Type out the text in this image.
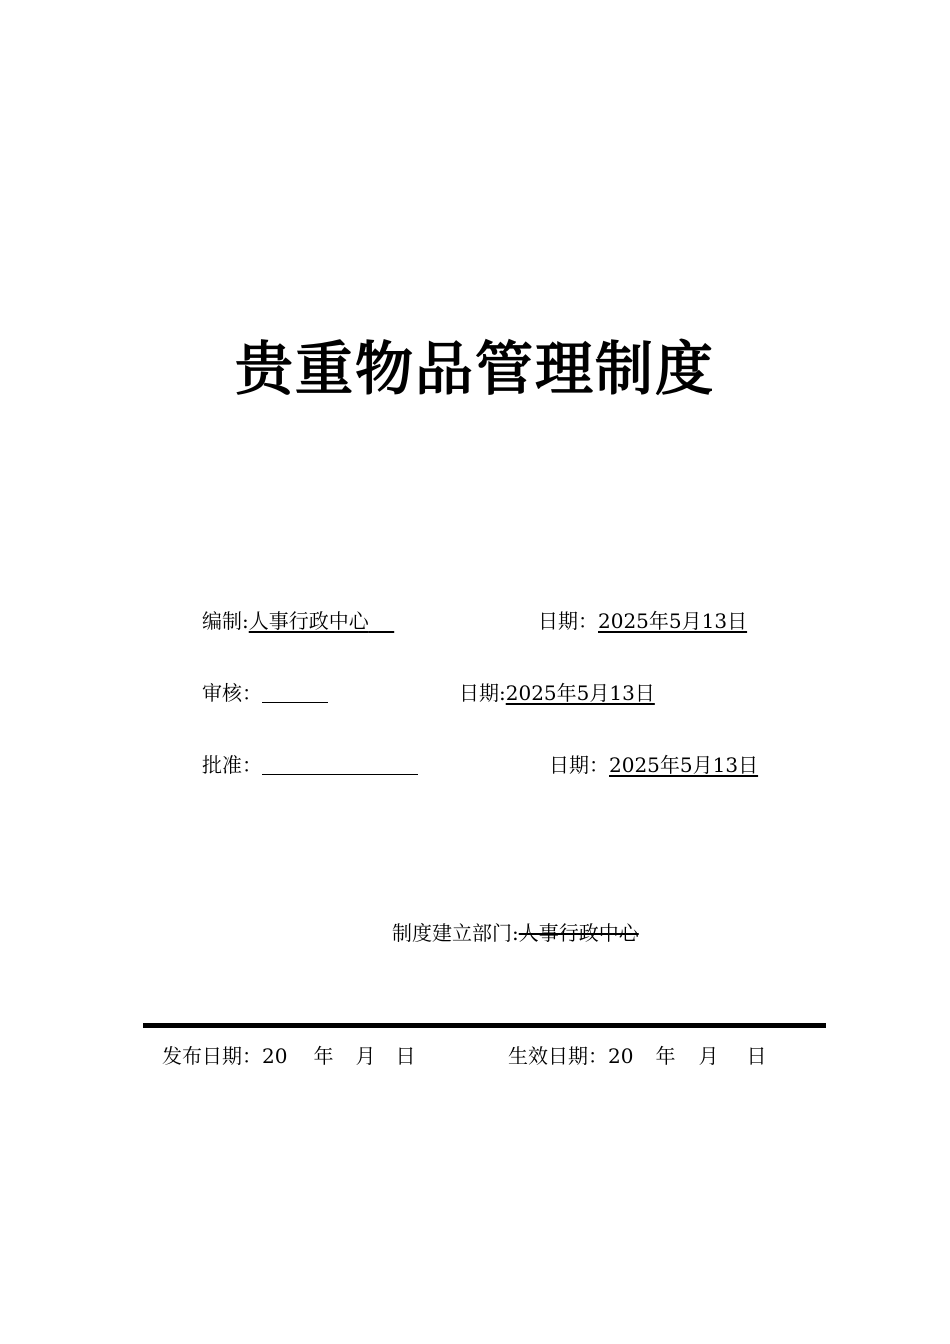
贵重物品管理制度
编制:人事行政中心	日期：2025年5月13日
审核：	日期:2025年5月13日
批准：	日期：2025年5月13日
制度建立部门:人事行政中心
发布日期：20 年 月 日	生效日期：20 年 月 日
